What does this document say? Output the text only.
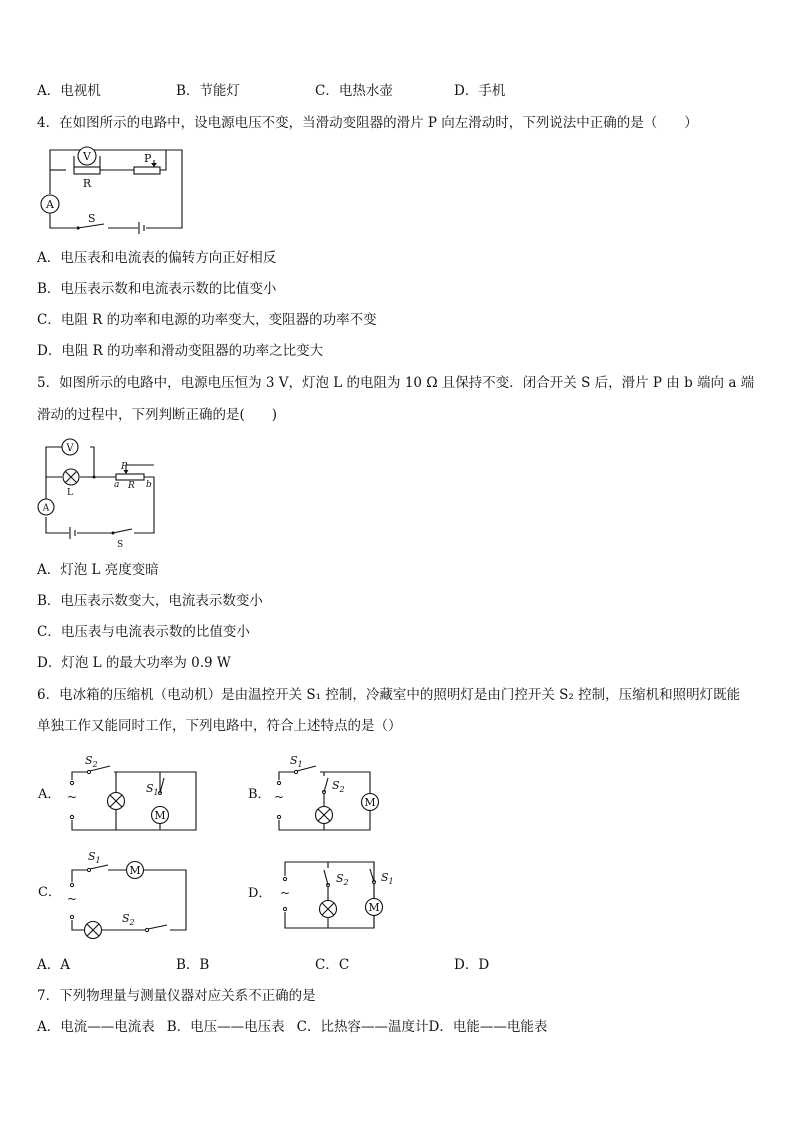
A．电视机	B．节能灯	C．电热水壶	D．手机
4．在如图所示的电路中，设电源电压不变，当滑动变阻器的滑片 P 向左滑动时，下列说法中正确的是（　　）
V
R
P
A
S
A．电压表和电流表的偏转方向正好相反
B．电压表示数和电流表示数的比值变小
C．电阻 R 的功率和电源的功率变大，变阻器的功率不变
D．电阻 R 的功率和滑动变阻器的功率之比变大
5．如图所示的电路中，电源电压恒为 3 V，灯泡 L 的电阻为 10 Ω 且保持不变．闭合开关 S 后，滑片 P 由 b 端向 a 端
滑动的过程中，下列判断正确的是(　　)
V
L
P
a R b
A
S
A．灯泡 L 亮度变暗
B．电压表示数变大，电流表示数变小
C．电压表与电流表示数的比值变小
D．灯泡 L 的最大功率为 0.9 W
6．电冰箱的压缩机（电动机）是由温控开关 S₁ 控制，冷藏室中的照明灯是由门控开关 S₂ 控制，压缩机和照明灯既能
单独工作又能同时工作，下列电路中，符合上述特点的是（）
A． ~
$S_2$
$S_1$
M
B． ~
$S_1$
$S_2$
M
C． ~
$S_1$
M
$S_2$
D． ~
$S_2$	$S_1$
M
A．A	B．B	C．C	D．D
7．下列物理量与测量仪器对应关系不正确的是
A．电流——电流表 B．电压——电压表 C．比热容——温度计D．电能——电能表
